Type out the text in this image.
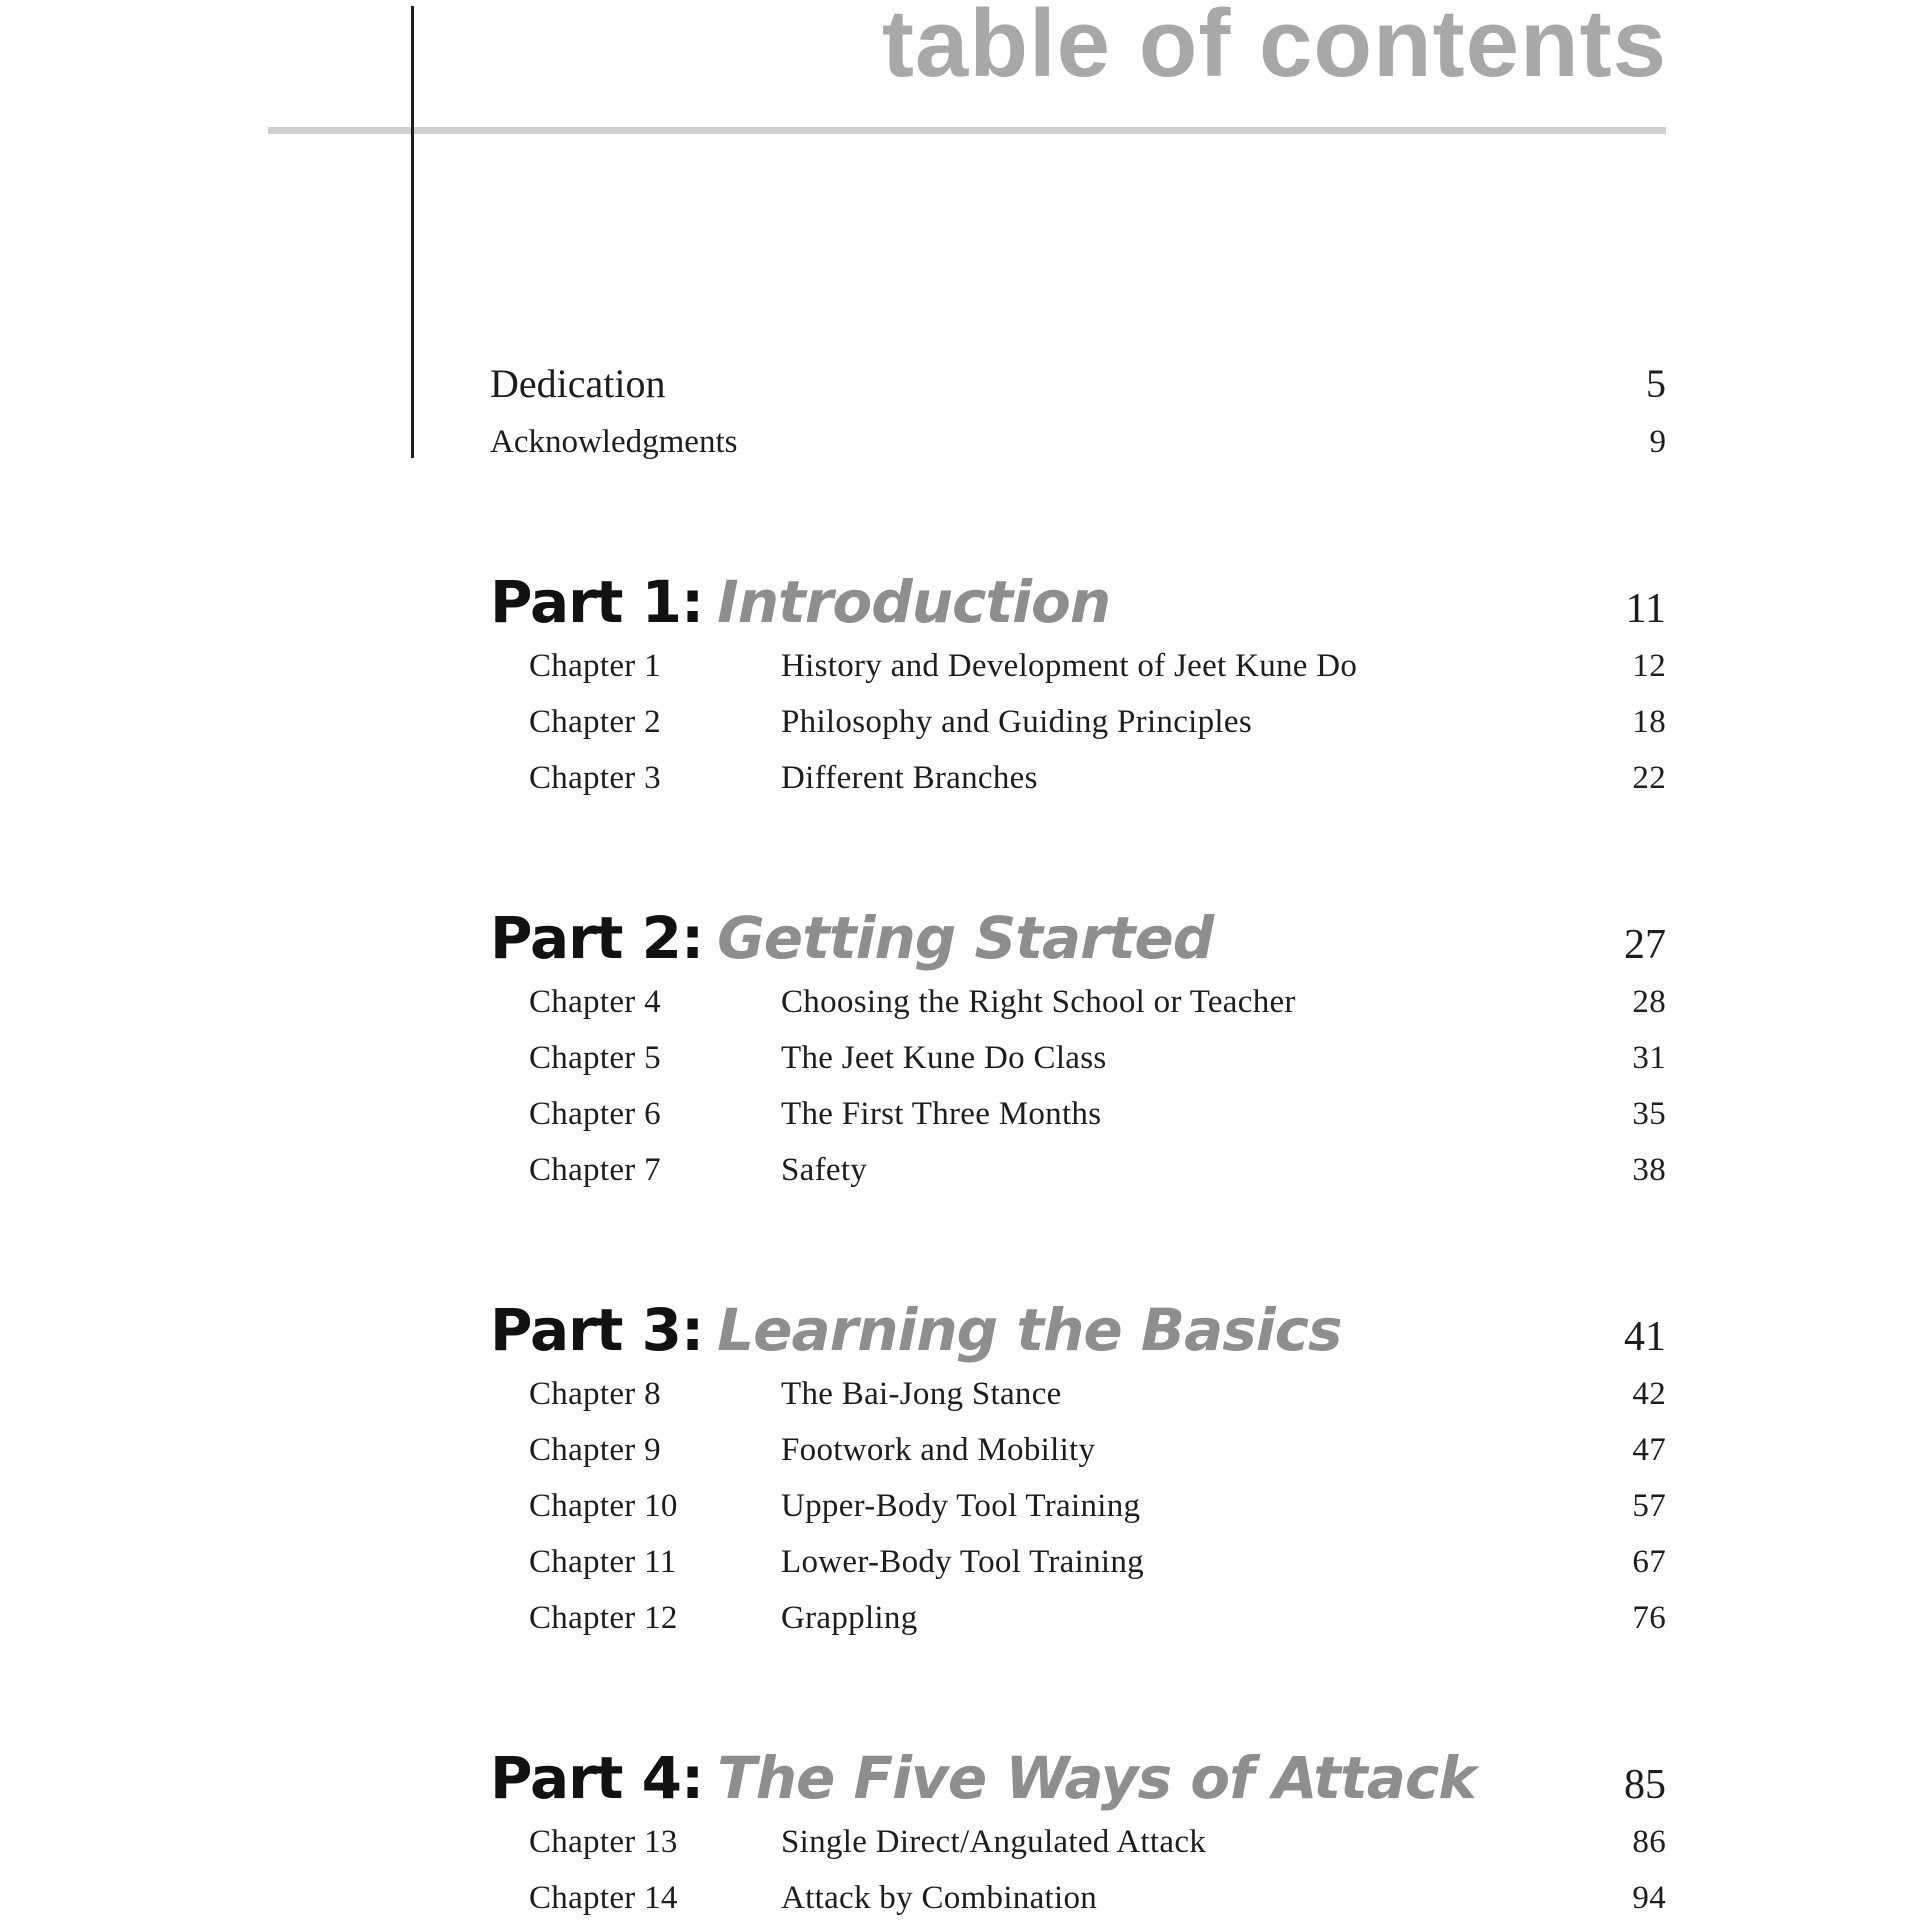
table of contents
Dedication	5
Acknowledgments	9
Part 1: Introduction	11
Chapter 1	History and Development of Jeet Kune Do	12
Chapter 2	Philosophy and Guiding Principles	18
Chapter 3	Different Branches	22
Part 2: Getting Started	27
Chapter 4	Choosing the Right School or Teacher	28
Chapter 5	The Jeet Kune Do Class	31
Chapter 6	The First Three Months	35
Chapter 7	Safety	38
Part 3: Learning the Basics	41
Chapter 8	The Bai-Jong Stance	42
Chapter 9	Footwork and Mobility	47
Chapter 10	Upper-Body Tool Training	57
Chapter 11	Lower-Body Tool Training	67
Chapter 12	Grappling	76
Part 4: The Five Ways of Attack	85
Chapter 13	Single Direct/Angulated Attack	86
Chapter 14	Attack by Combination	94
